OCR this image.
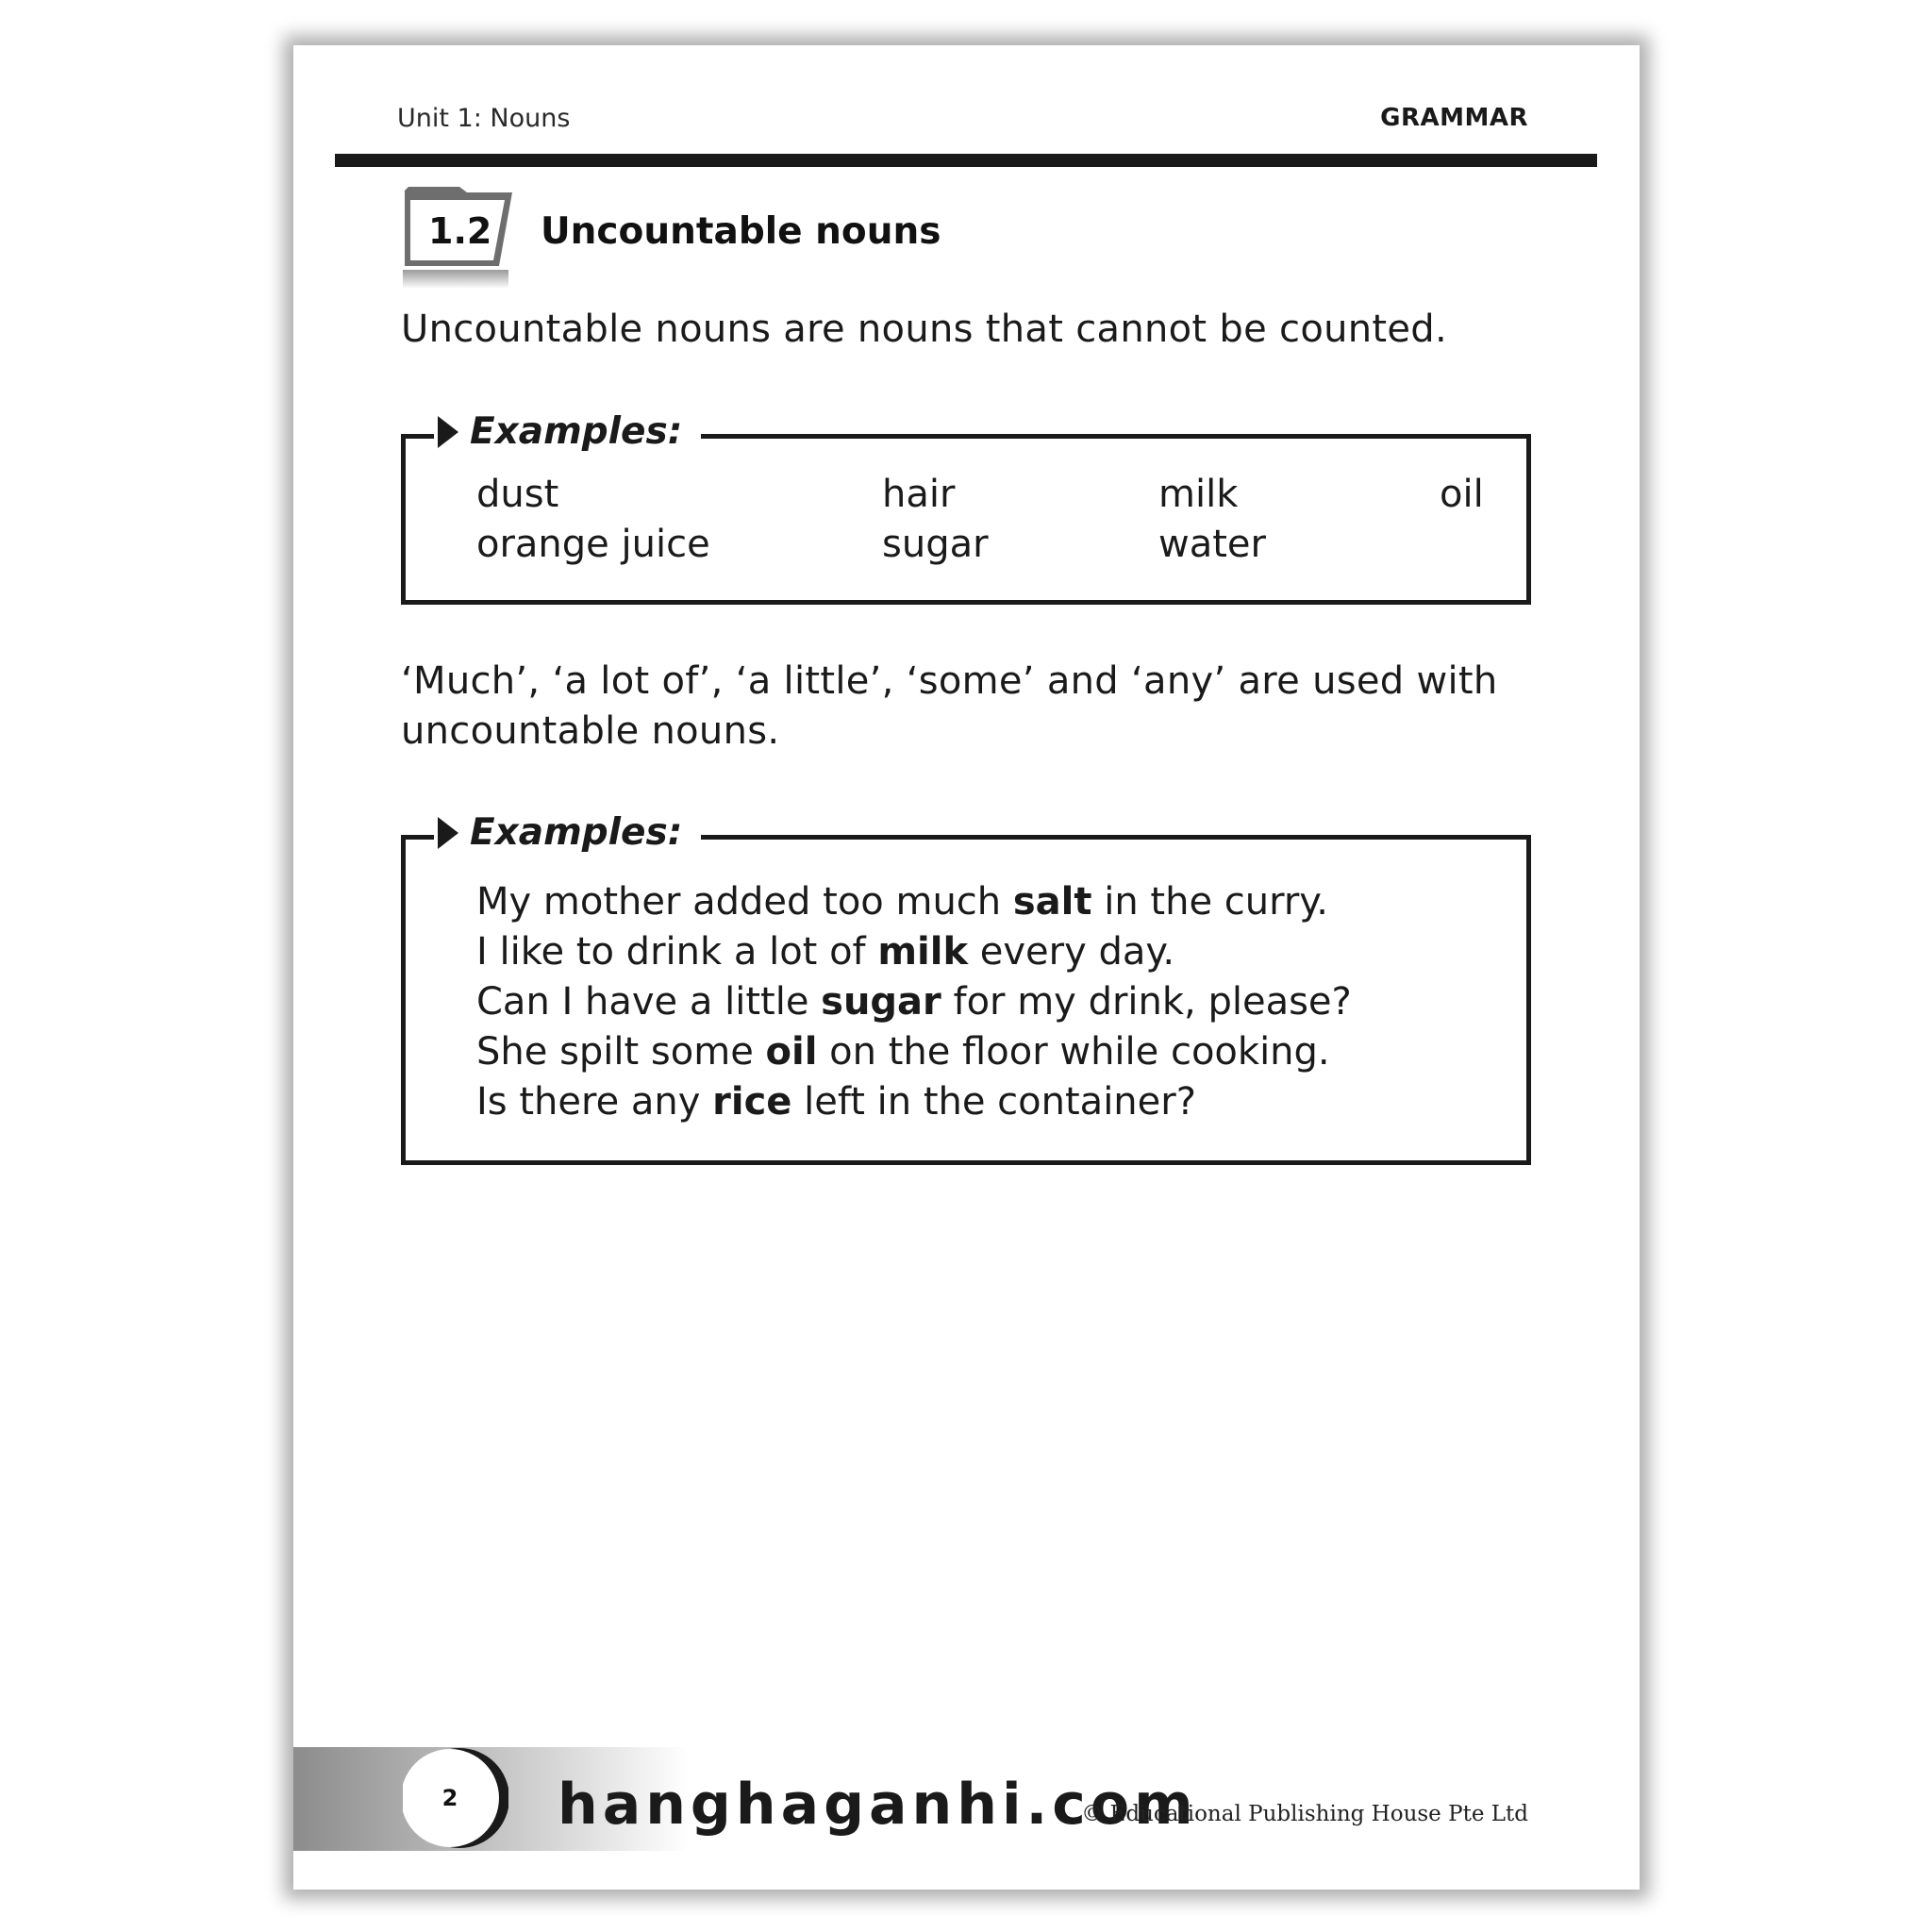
Unit 1: Nouns	GRAMMAR
1.2 Uncountable nouns
Uncountable nouns are nouns that cannot be counted.
Examples:
dust	hair	milk	oil
orange juice	sugar	water
‘Much’, ‘a lot of’, ‘a little’, ‘some’ and ‘any’ are used with uncountable nouns.
Examples:
My mother added too much salt in the curry.
I like to drink a lot of milk every day.
Can I have a little sugar for my drink, please?
She spilt some oil on the floor while cooking.
Is there any rice left in the container?
2	hanghaganhi.com
© Educational Publishing House Pte Ltd
